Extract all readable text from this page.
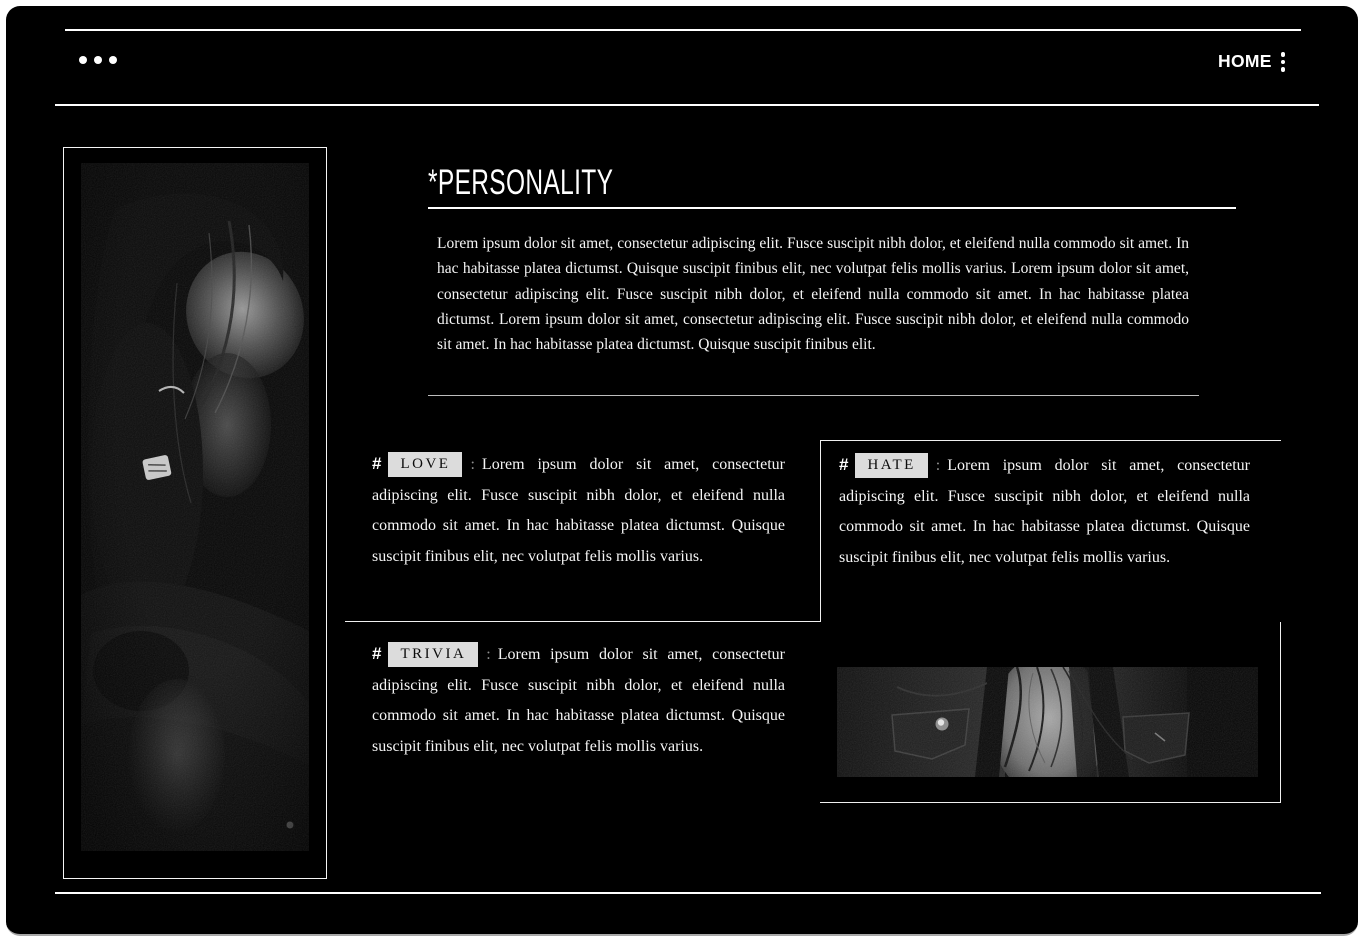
HOME
*PERSONALITY

Lorem ipsum dolor sit amet, consectetur adipiscing elit. Fusce suscipit nibh dolor, et eleifend nulla commodo sit amet. In hac habitasse platea dictumst. Quisque suscipit finibus elit, nec volutpat felis mollis varius. Lorem ipsum dolor sit amet, consectetur adipiscing elit. Fusce suscipit nibh dolor, et eleifend nulla commodo sit amet. In hac habitasse platea dictumst. Lorem ipsum dolor sit amet, consectetur adipiscing elit. Fusce suscipit nibh dolor, et eleifend nulla commodo sit amet. In hac habitasse platea dictumst. Quisque suscipit finibus elit.

# LOVE : Lorem ipsum dolor sit amet, consectetur adipiscing elit. Fusce suscipit nibh dolor, et eleifend nulla commodo sit amet. In hac habitasse platea dictumst. Quisque suscipit finibus elit, nec volutpat felis mollis varius.

# HATE : Lorem ipsum dolor sit amet, consectetur adipiscing elit. Fusce suscipit nibh dolor, et eleifend nulla commodo sit amet. In hac habitasse platea dictumst. Quisque suscipit finibus elit, nec volutpat felis mollis varius.

# TRIVIA : Lorem ipsum dolor sit amet, consectetur adipiscing elit. Fusce suscipit nibh dolor, et eleifend nulla commodo sit amet. In hac habitasse platea dictumst. Quisque suscipit finibus elit, nec volutpat felis mollis varius.
